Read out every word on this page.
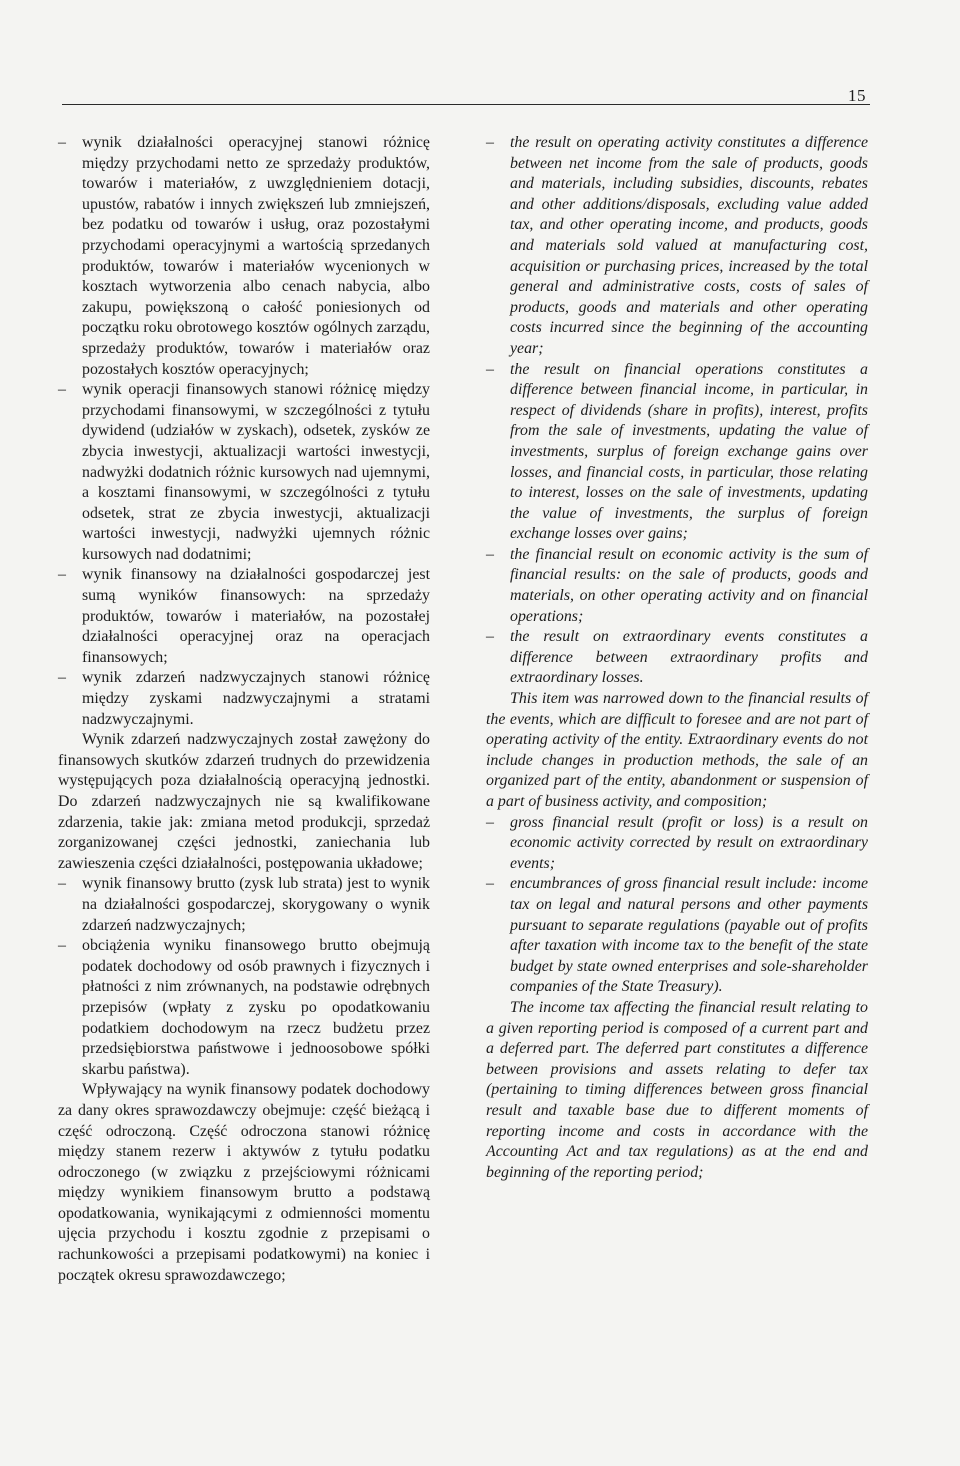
15
– wynik działalności operacyjnej stanowi różnicę między przychodami netto ze sprzedaży produktów, towarów i materiałów, z uwzględnieniem dotacji, upustów, rabatów i innych zwiększeń lub zmniejszeń, bez podatku od towarów i usług, oraz pozostałymi przychodami operacyjnymi a wartością sprzedanych produktów, towarów i materiałów wycenionych w kosztach wytworzenia albo cenach nabycia, albo zakupu, powiększoną o całość poniesionych od początku roku obrotowego kosztów ogólnych zarządu, sprzedaży produktów, towarów i materiałów oraz pozostałych kosztów operacyjnych;
– wynik operacji finansowych stanowi różnicę między przychodami finansowymi, w szczególności z tytułu dywidend (udziałów w zyskach), odsetek, zysków ze zbycia inwestycji, aktualizacji wartości inwestycji, nadwyżki dodatnich różnic kursowych nad ujemnymi, a kosztami finansowymi, w szczególności z tytułu odsetek, strat ze zbycia inwestycji, aktualizacji wartości inwestycji, nadwyżki ujemnych różnic kursowych nad dodatnimi;
– wynik finansowy na działalności gospodarczej jest sumą wyników finansowych: na sprzedaży produktów, towarów i materiałów, na pozostałej działalności operacyjnej oraz na operacjach finansowych;
– wynik zdarzeń nadzwyczajnych stanowi różnicę między zyskami nadzwyczajnymi a stratami nadzwyczajnymi.

Wynik zdarzeń nadzwyczajnych został zawężony do finansowych skutków zdarzeń trudnych do przewidzenia występujących poza działalnością operacyjną jednostki. Do zdarzeń nadzwyczajnych nie są kwalifikowane zdarzenia, takie jak: zmiana metod produkcji, sprzedaż zorganizowanej części jednostki, zaniechania lub zawieszenia części działalności, postępowania układowe;

– wynik finansowy brutto (zysk lub strata) jest to wynik na działalności gospodarczej, skorygowany o wynik zdarzeń nadzwyczajnych;
– obciążenia wyniku finansowego brutto obejmują podatek dochodowy od osób prawnych i fizycznych i płatności z nim zrównanych, na podstawie odrębnych przepisów (wpłaty z zysku po opodatkowaniu podatkiem dochodowym na rzecz budżetu przez przedsiębiorstwa państwowe i jednoosobowe spółki skarbu państwa).

Wpływający na wynik finansowy podatek dochodowy za dany okres sprawozdawczy obejmuje: część bieżącą i część odroczoną. Część odroczona stanowi różnicę między stanem rezerw i aktywów z tytułu podatku odroczonego (w związku z przejściowymi różnicami między wynikiem finansowym brutto a podstawą opodatkowania, wynikającymi z odmienności momentu ujęcia przychodu i kosztu zgodnie z przepisami o rachunkowości a przepisami podatkowymi) na koniec i początek okresu sprawozdawczego;

– the result on operating activity constitutes a difference between net income from the sale of products, goods and materials, including subsidies, discounts, rebates and other additions/disposals, excluding value added tax, and other operating income, and products, goods and materials sold valued at manufacturing cost, acquisition or purchasing prices, increased by the total general and administrative costs, costs of sales of products, goods and materials and other operating costs incurred since the beginning of the accounting year;
– the result on financial operations constitutes a difference between financial income, in particular, in respect of dividends (share in profits), interest, profits from the sale of investments, updating the value of investments, surplus of foreign exchange gains over losses, and financial costs, in particular, those relating to interest, losses on the sale of investments, updating the value of investments, the surplus of foreign exchange losses over gains;
– the financial result on economic activity is the sum of financial results: on the sale of products, goods and materials, on other operating activity and on financial operations;
– the result on extraordinary events constitutes a difference between extraordinary profits and extraordinary losses.

This item was narrowed down to the financial results of the events, which are difficult to foresee and are not part of operating activity of the entity. Extraordinary events do not include changes in production methods, the sale of an organized part of the entity, abandonment or suspension of a part of business activity, and composition;

– gross financial result (profit or loss) is a result on economic activity corrected by result on extraordinary events;
– encumbrances of gross financial result include: income tax on legal and natural persons and other payments pursuant to separate regulations (payable out of profits after taxation with income tax to the benefit of the state budget by state owned enterprises and sole-shareholder companies of the State Treasury).

The income tax affecting the financial result relating to a given reporting period is composed of a current part and a deferred part. The deferred part constitutes a difference between provisions and assets relating to defer tax (pertaining to timing differences between gross financial result and taxable base due to different moments of reporting income and costs in accordance with the Accounting Act and tax regulations) as at the end and beginning of the reporting period;
